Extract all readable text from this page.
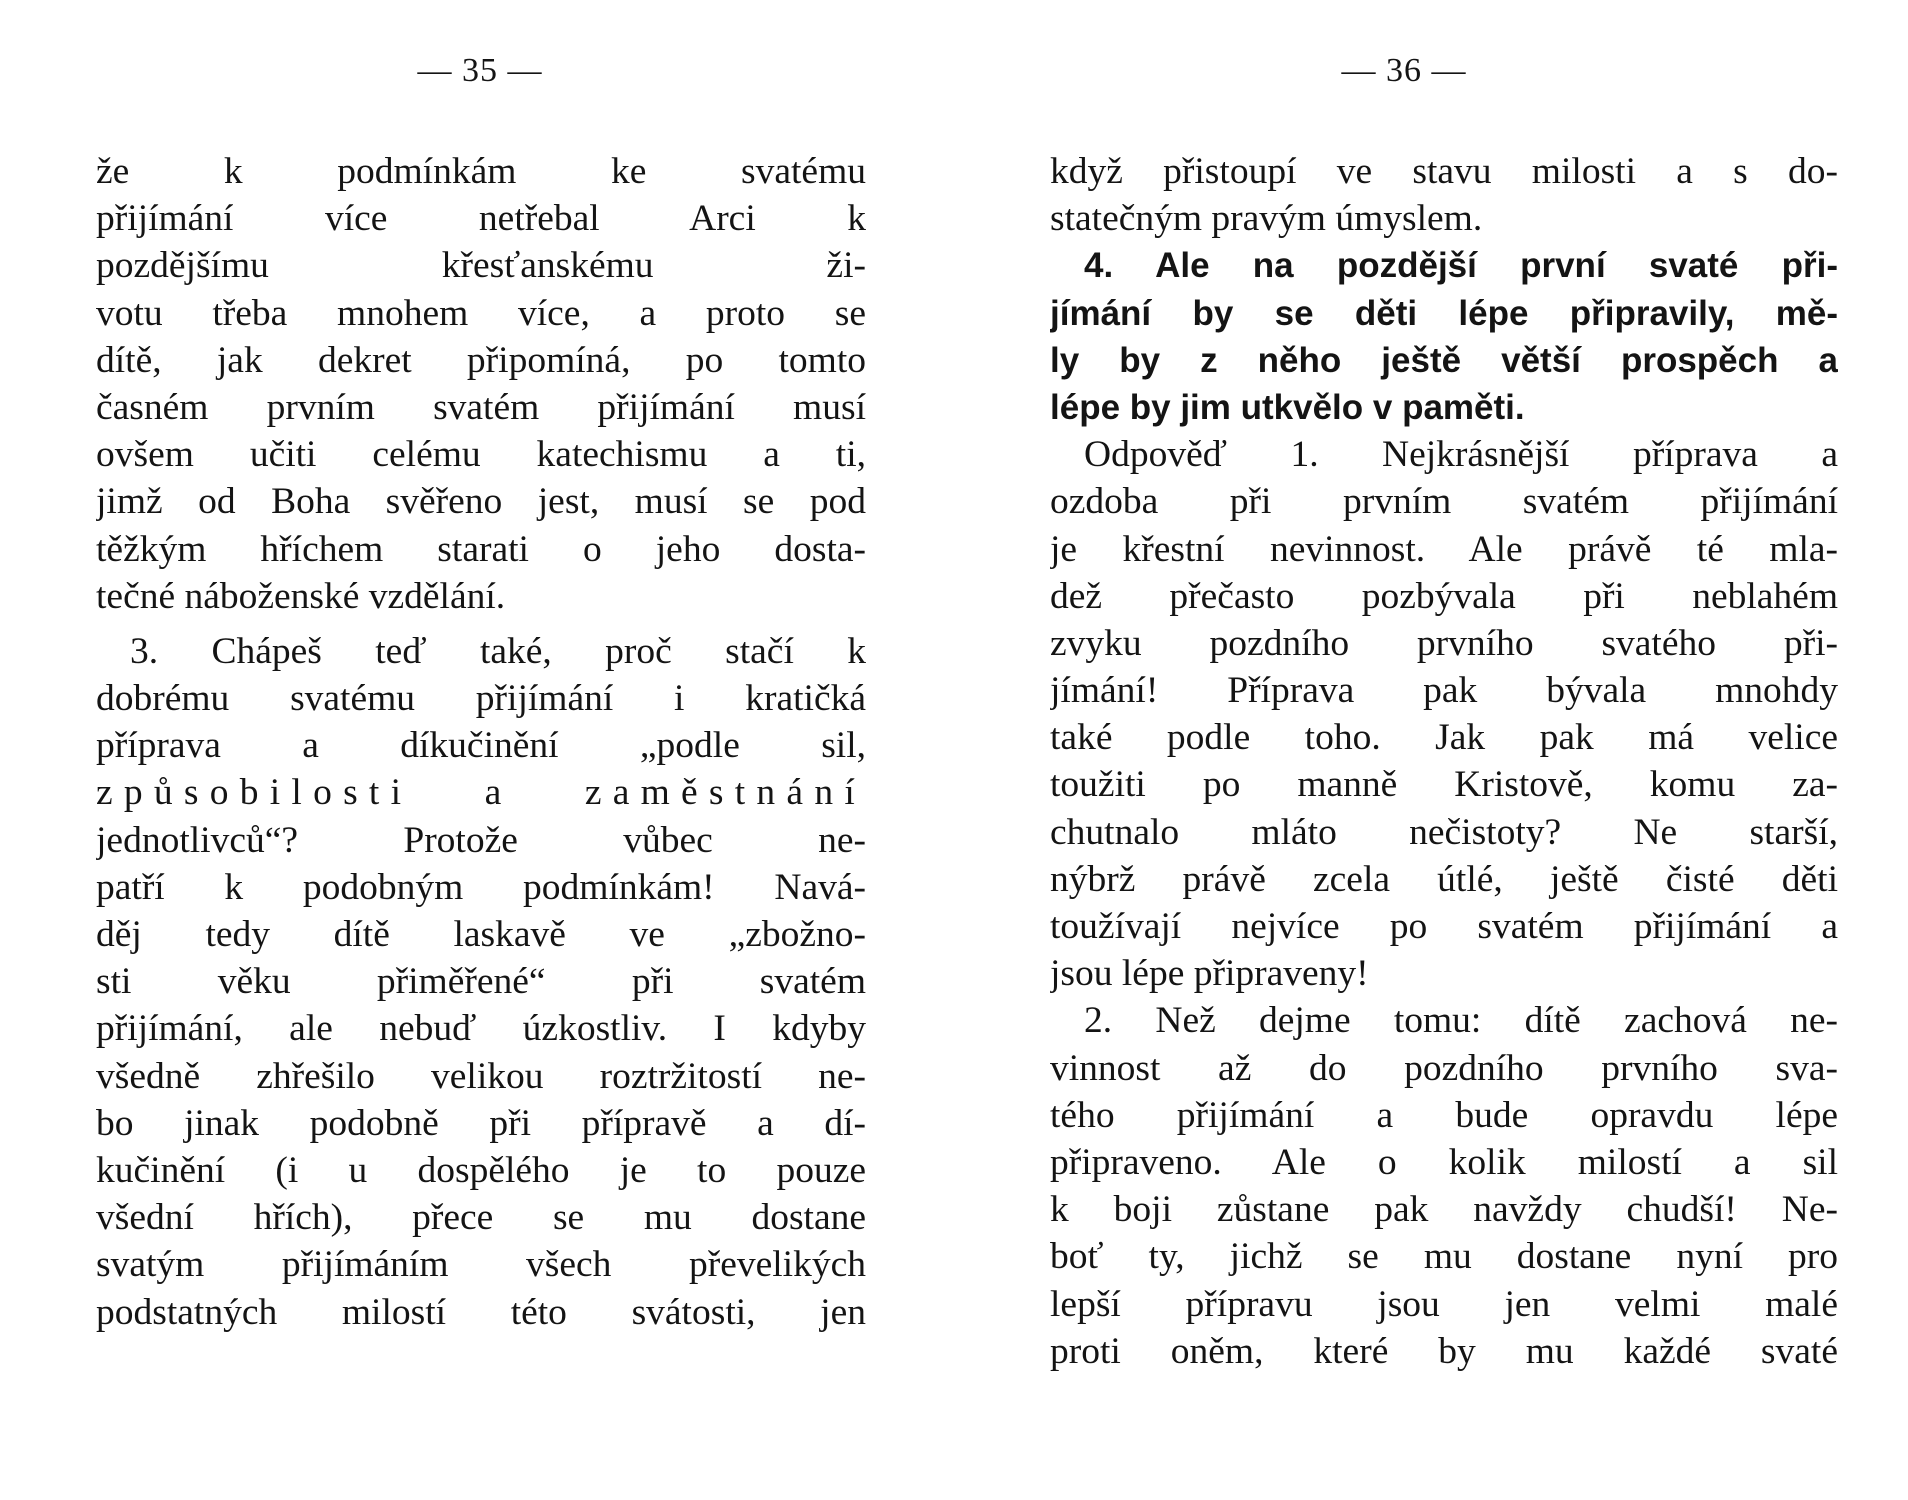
— 35 —
že k podmínkám ke svatému
přijímání více netřebal Arci k
pozdějšímu křesťanskému ži-
votu třeba mnohem více, a proto se
dítě, jak dekret připomíná, po tomto
časném prvním svatém přijímání musí
ovšem učiti celému katechismu a ti,
jimž od Boha svěřeno jest, musí se pod
těžkým hříchem starati o jeho dosta-
tečné náboženské vzdělání.
3. Chápeš teď také, proč stačí k
dobrému svatému přijímání i kratičká
příprava a díkučinění „podle sil,
způsobilosti a zaměstnání
jednotlivců“? Protože vůbec ne-
patří k podobným podmínkám! Navá-
děj tedy dítě laskavě ve „zbožno-
sti věku přiměřené“ při svatém
přijímání, ale nebuď úzkostliv. I kdyby
všedně zhřešilo velikou roztržitostí ne-
bo jinak podobně při přípravě a dí-
kučinění (i u dospělého je to pouze
všední hřích), přece se mu dostane
svatým přijímáním všech převelikých
podstatných milostí této svátosti, jen
— 36 —
když přistoupí ve stavu milosti a s do-
statečným pravým úmyslem.
4. Ale na pozdější první svaté při-
jímání by se děti lépe připravily, mě-
ly by z něho ještě větší prospěch a
lépe by jim utkvělo v paměti.
Odpověď 1. Nejkrásnější příprava a
ozdoba při prvním svatém přijímání
je křestní nevinnost. Ale právě té mla-
dež přečasto pozbývala při neblahém
zvyku pozdního prvního svatého při-
jímání! Příprava pak bývala mnohdy
také podle toho. Jak pak má velice
toužiti po manně Kristově, komu za-
chutnalo mláto nečistoty? Ne starší,
nýbrž právě zcela útlé, ještě čisté děti
toužívají nejvíce po svatém přijímání a
jsou lépe připraveny!
2. Než dejme tomu: dítě zachová ne-
vinnost až do pozdního prvního sva-
tého přijímání a bude opravdu lépe
připraveno. Ale o kolik milostí a sil
k boji zůstane pak navždy chudší! Ne-
boť ty, jichž se mu dostane nyní pro
lepší přípravu jsou jen velmi malé
proti oněm, které by mu každé svaté
